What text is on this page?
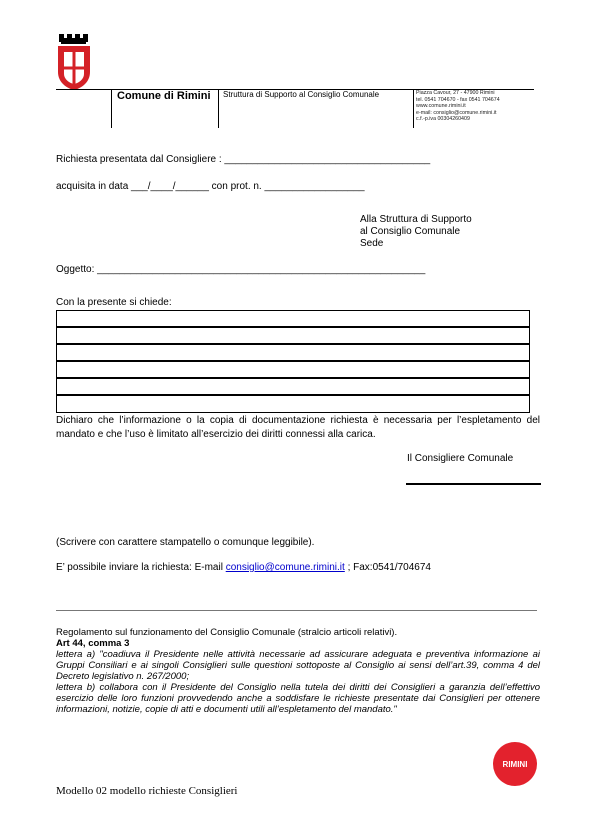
Comune di Rimini Struttura di Supporto al Consiglio Comunale	Piazza Cavour, 27 - 47900 Rimini
tel. 0541 704670 - fax 0541 704674
www.comune.rimini.it
e-mail: consiglio@comune.rimini.it
c.f.-p.iva 00304260409
Richiesta presentata dal Consigliere : _____________________________________
acquisita in data ___/____/______ con prot. n. __________________
Alla Struttura di Supporto
al Consiglio Comunale
Sede
Oggetto: ___________________________________________________________
Con la presente si chiede:
Dichiaro che l’informazione o la copia di documentazione richiesta è necessaria per l’espletamento del mandato e che l’uso è limitato all’esercizio dei diritti connessi alla carica.
Il Consigliere Comunale
(Scrivere con carattere stampatello o comunque leggibile).
E’ possibile inviare la richiesta: E-mail consiglio@comune.rimini.it ; Fax:0541/704674
Regolamento sul funzionamento del Consiglio Comunale (stralcio articoli relativi).
Art 44, comma 3
lettera a) "coadiuva il Presidente nelle attività necessarie ad assicurare adeguata e preventiva informazione ai Gruppi Consiliari e ai singoli Consiglieri sulle questioni sottoposte al Consiglio ai sensi dell’art.39, comma 4 del Decreto legislativo n. 267/2000;
lettera b) collabora con il Presidente del Consiglio nella tutela dei diritti dei Consiglieri a garanzia dell’effettivo esercizio delle loro funzioni provvedendo anche a soddisfare le richieste presentate dai Consiglieri per ottenere informazioni, notizie, copie di atti e documenti utili all’espletamento del mandato."
RIMINI
Modello 02 modello richieste Consiglieri
